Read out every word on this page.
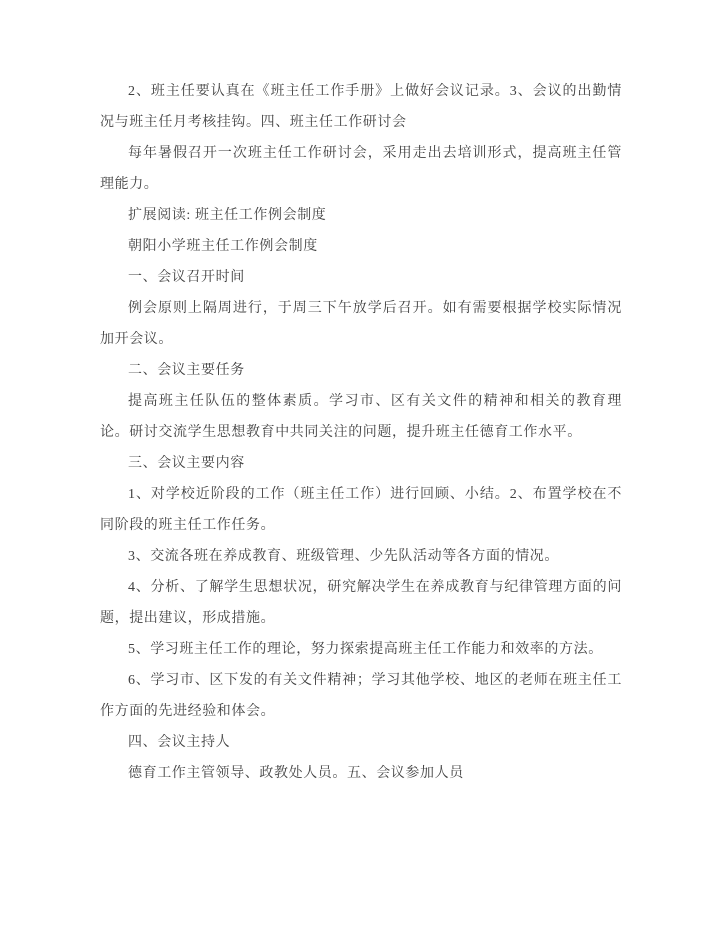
2、班主任要认真在《班主任工作手册》上做好会议记录。3、会议的出勤情况与班主任月考核挂钩。四、班主任工作研讨会

每年暑假召开一次班主任工作研讨会，采用走出去培训形式，提高班主任管理能力。

扩展阅读: 班主任工作例会制度

朝阳小学班主任工作例会制度

一、会议召开时间

例会原则上隔周进行，于周三下午放学后召开。如有需要根据学校实际情况加开会议。

二、会议主要任务

提高班主任队伍的整体素质。学习市、区有关文件的精神和相关的教育理论。研讨交流学生思想教育中共同关注的问题，提升班主任德育工作水平。

三、会议主要内容

1、对学校近阶段的工作（班主任工作）进行回顾、小结。2、布置学校在不同阶段的班主任工作任务。

3、交流各班在养成教育、班级管理、少先队活动等各方面的情况。

4、分析、了解学生思想状况，研究解决学生在养成教育与纪律管理方面的问题，提出建议，形成措施。

5、学习班主任工作的理论，努力探索提高班主任工作能力和效率的方法。

6、学习市、区下发的有关文件精神；学习其他学校、地区的老师在班主任工作方面的先进经验和体会。

四、会议主持人

德育工作主管领导、政教处人员。五、会议参加人员
